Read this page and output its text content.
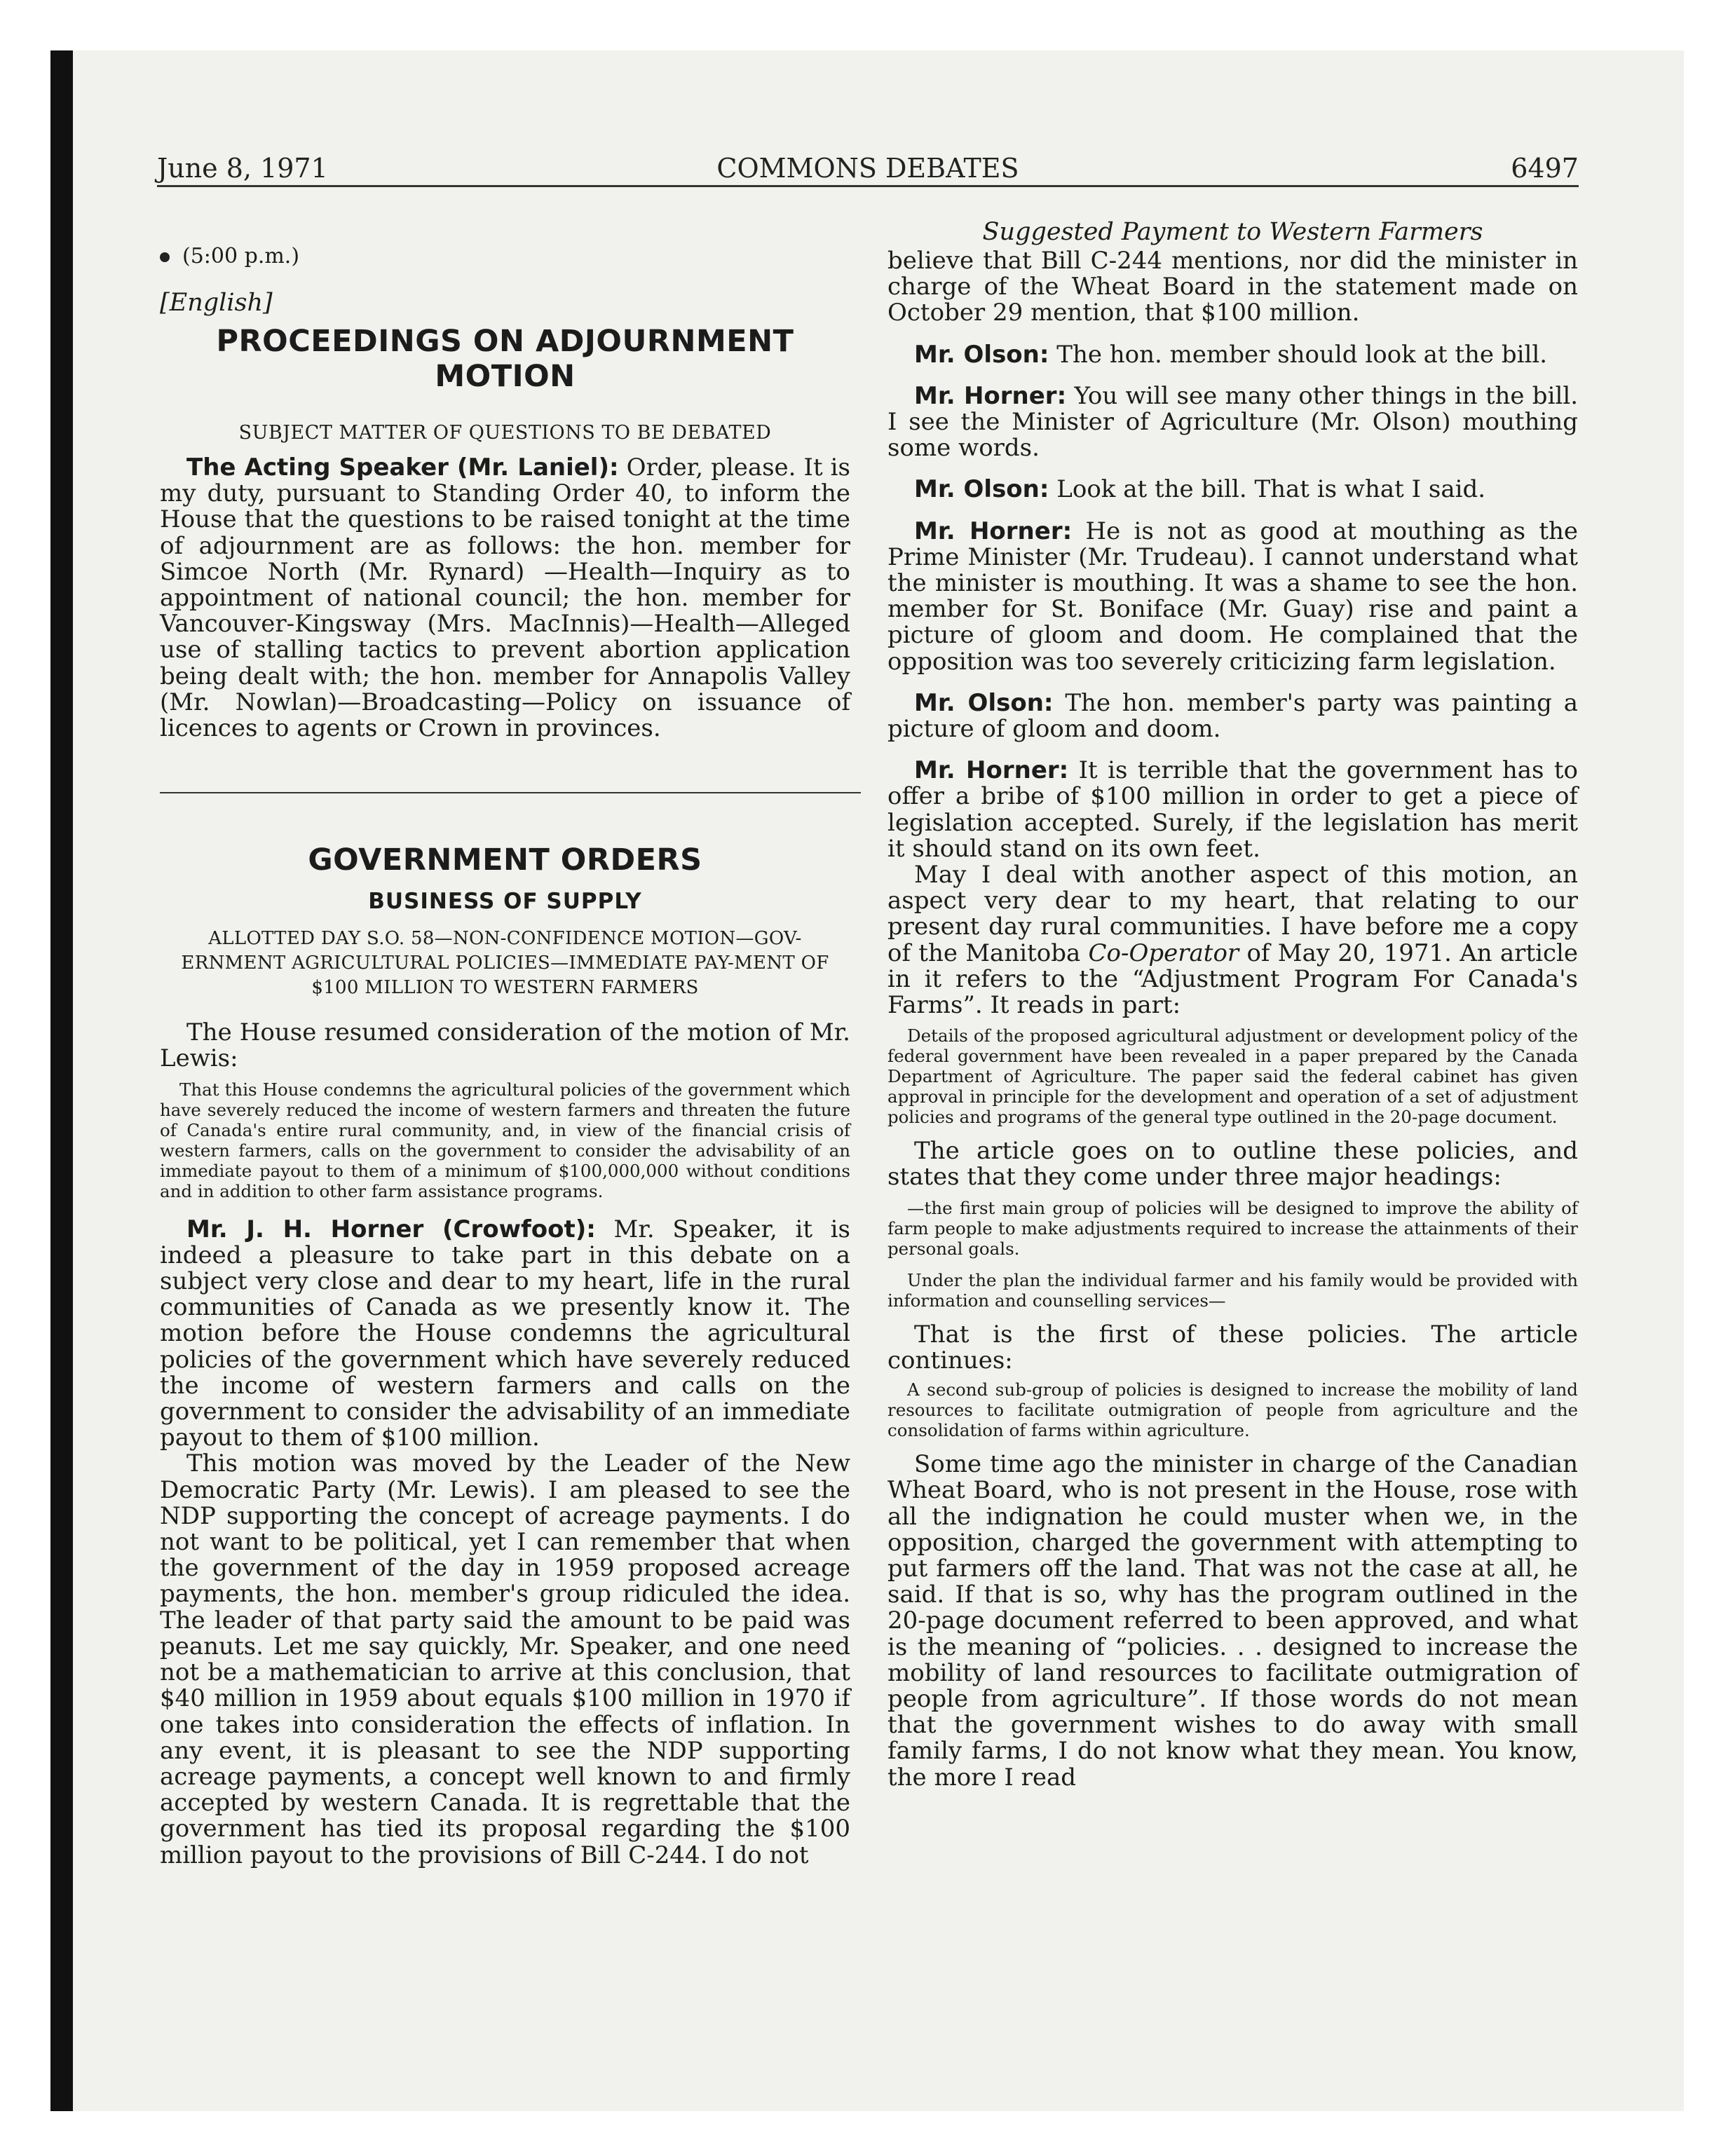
June 8, 1971	COMMONS DEBATES	6497
(5:00 p.m.)
[English]
PROCEEDINGS ON ADJOURNMENT MOTION
SUBJECT MATTER OF QUESTIONS TO BE DEBATED

The Acting Speaker (Mr. Laniel): Order, please. It is my duty, pursuant to Standing Order 40, to inform the House that the questions to be raised tonight at the time of adjournment are as follows: the hon. member for Simcoe North (Mr. Rynard) —Health—Inquiry as to appointment of national council; the hon. member for Vancouver-Kingsway (Mrs. MacInnis)—Health—Alleged use of stalling tactics to prevent abortion application being dealt with; the hon. member for Annapolis Valley (Mr. Nowlan)—Broadcasting—Policy on issuance of licences to agents or Crown in provinces.

GOVERNMENT ORDERS
BUSINESS OF SUPPLY
ALLOTTED DAY S.O. 58—NON-CONFIDENCE MOTION—GOV-ERNMENT AGRICULTURAL POLICIES—IMMEDIATE PAY-MENT OF $100 MILLION TO WESTERN FARMERS

The House resumed consideration of the motion of Mr. Lewis:

That this House condemns the agricultural policies of the government which have severely reduced the income of western farmers and threaten the future of Canada's entire rural community, and, in view of the financial crisis of western farmers, calls on the government to consider the advisability of an immediate payout to them of a minimum of $100,000,000 without conditions and in addition to other farm assistance programs.

Mr. J. H. Horner (Crowfoot): Mr. Speaker, it is indeed a pleasure to take part in this debate on a subject very close and dear to my heart, life in the rural communities of Canada as we presently know it. The motion before the House condemns the agricultural policies of the government which have severely reduced the income of western farmers and calls on the government to consider the advisability of an immediate payout to them of $100 million.

This motion was moved by the Leader of the New Democratic Party (Mr. Lewis). I am pleased to see the NDP supporting the concept of acreage payments. I do not want to be political, yet I can remember that when the government of the day in 1959 proposed acreage payments, the hon. member's group ridiculed the idea. The leader of that party said the amount to be paid was peanuts. Let me say quickly, Mr. Speaker, and one need not be a mathematician to arrive at this conclusion, that $40 million in 1959 about equals $100 million in 1970 if one takes into consideration the effects of inflation. In any event, it is pleasant to see the NDP supporting acreage payments, a concept well known to and firmly accepted by western Canada. It is regrettable that the government has tied its proposal regarding the $100 million payout to the provisions of Bill C-244. I do not

Suggested Payment to Western Farmers

believe that Bill C-244 mentions, nor did the minister in charge of the Wheat Board in the statement made on October 29 mention, that $100 million.

Mr. Olson: The hon. member should look at the bill.

Mr. Horner: You will see many other things in the bill. I see the Minister of Agriculture (Mr. Olson) mouthing some words.

Mr. Olson: Look at the bill. That is what I said.

Mr. Horner: He is not as good at mouthing as the Prime Minister (Mr. Trudeau). I cannot understand what the minister is mouthing. It was a shame to see the hon. member for St. Boniface (Mr. Guay) rise and paint a picture of gloom and doom. He complained that the opposition was too severely criticizing farm legislation.

Mr. Olson: The hon. member's party was painting a picture of gloom and doom.

Mr. Horner: It is terrible that the government has to offer a bribe of $100 million in order to get a piece of legislation accepted. Surely, if the legislation has merit it should stand on its own feet.

May I deal with another aspect of this motion, an aspect very dear to my heart, that relating to our present day rural communities. I have before me a copy of the Manitoba Co-Operator of May 20, 1971. An article in it refers to the “Adjustment Program For Canada's Farms”. It reads in part:

Details of the proposed agricultural adjustment or development policy of the federal government have been revealed in a paper prepared by the Canada Department of Agriculture. The paper said the federal cabinet has given approval in principle for the development and operation of a set of adjustment policies and programs of the general type outlined in the 20-page document.

The article goes on to outline these policies, and states that they come under three major headings:

—the first main group of policies will be designed to improve the ability of farm people to make adjustments required to increase the attainments of their personal goals.
Under the plan the individual farmer and his family would be provided with information and counselling services—

That is the first of these policies. The article continues:

A second sub-group of policies is designed to increase the mobility of land resources to facilitate outmigration of people from agriculture and the consolidation of farms within agriculture.

Some time ago the minister in charge of the Canadian Wheat Board, who is not present in the House, rose with all the indignation he could muster when we, in the opposition, charged the government with attempting to put farmers off the land. That was not the case at all, he said. If that is so, why has the program outlined in the 20-page document referred to been approved, and what is the meaning of “policies. . . designed to increase the mobility of land resources to facilitate outmigration of people from agriculture”. If those words do not mean that the government wishes to do away with small family farms, I do not know what they mean. You know, the more I read
